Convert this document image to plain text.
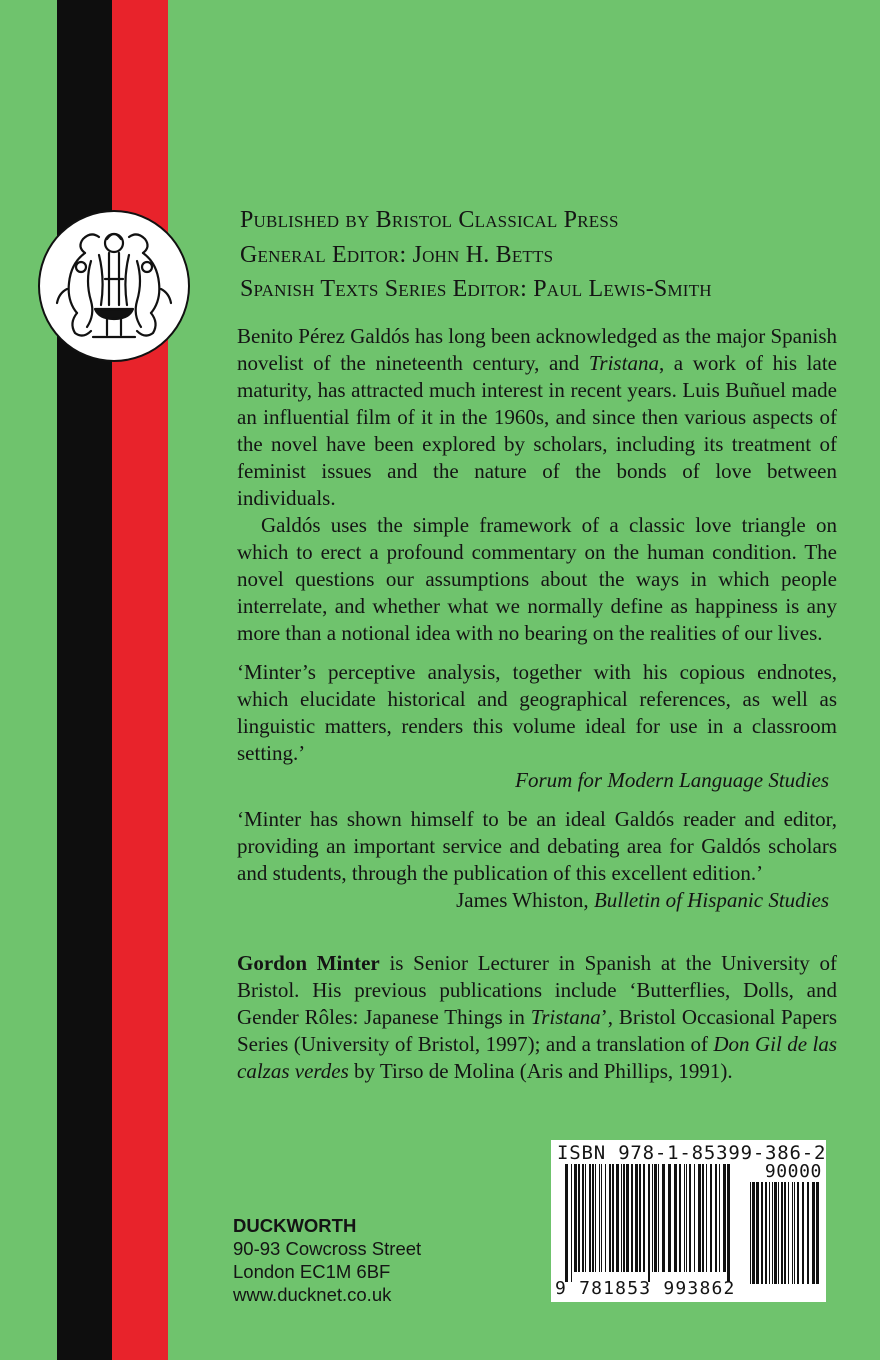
Published by Bristol Classical Press
General Editor: John H. Betts
Spanish Texts Series Editor: Paul Lewis-Smith

Benito Pérez Galdós has long been acknowledged as the major Spanish novelist of the nineteenth century, and Tristana, a work of his late maturity, has attracted much interest in recent years. Luis Buñuel made an influential film of it in the 1960s, and since then various aspects of the novel have been explored by scholars, including its treatment of feminist issues and the nature of the bonds of love between individuals.

Galdós uses the simple framework of a classic love triangle on which to erect a profound commentary on the human condition. The novel questions our assumptions about the ways in which people interrelate, and whether what we normally define as happiness is any more than a notional idea with no bearing on the realities of our lives.

‘Minter’s perceptive analysis, together with his copious endnotes, which elucidate historical and geographical references, as well as linguistic matters, renders this volume ideal for use in a classroom setting.’

Forum for Modern Language Studies

‘Minter has shown himself to be an ideal Galdós reader and editor, providing an important service and debating area for Galdós scholars and students, through the publication of this excellent edition.’

James Whiston, Bulletin of Hispanic Studies

Gordon Minter is Senior Lecturer in Spanish at the University of Bristol. His previous publications include ‘Butterflies, Dolls, and Gender Rôles: Japanese Things in Tristana’, Bristol Occasional Papers Series (University of Bristol, 1997); and a translation of Don Gil de las calzas verdes by Tirso de Molina (Aris and Phillips, 1991).

DUCKWORTH
90-93 Cowcross Street
London EC1M 6BF
www.ducknet.co.uk
ISBN 978-1-85399-386-2
90000
9 781853 993862
